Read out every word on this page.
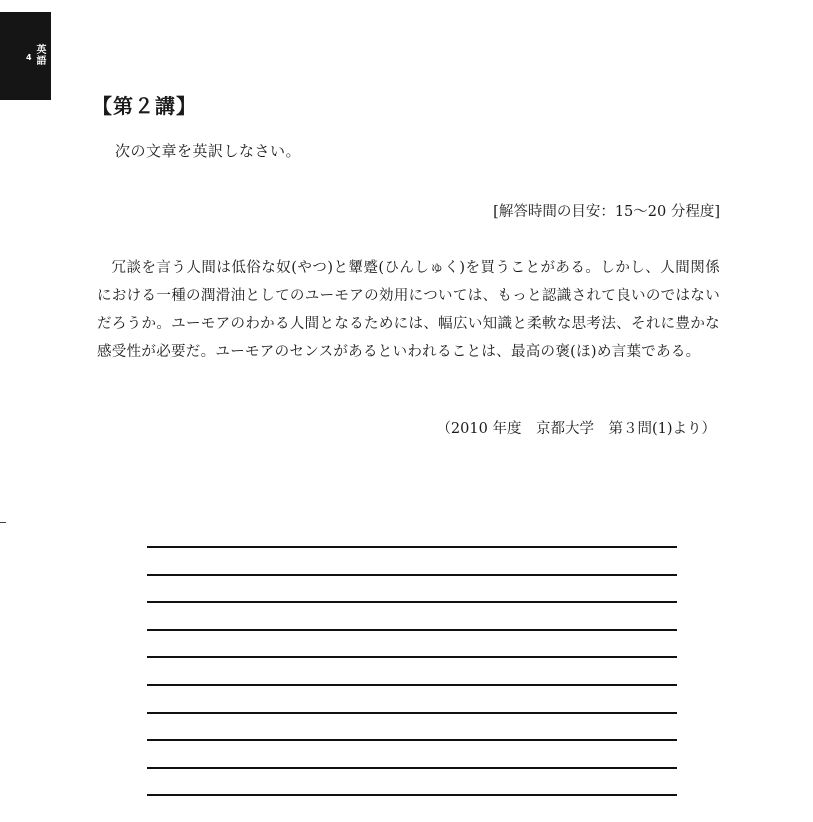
4
英語
【第２講】
次の文章を英訳しなさい。
[解答時間の目安：15〜20 分程度]

冗談を言う人間は低俗な奴(やつ)と顰蹙(ひんしゅく)を買うことがある。しかし、人間関係における一種の潤滑油としてのユーモアの効用については、もっと認識されて良いのではないだろうか。ユーモアのわかる人間となるためには、幅広い知識と柔軟な思考法、それに豊かな感受性が必要だ。ユーモアのセンスがあるといわれることは、最高の褒(ほ)め言葉である。

（2010 年度　京都大学　第３問(1)より）
